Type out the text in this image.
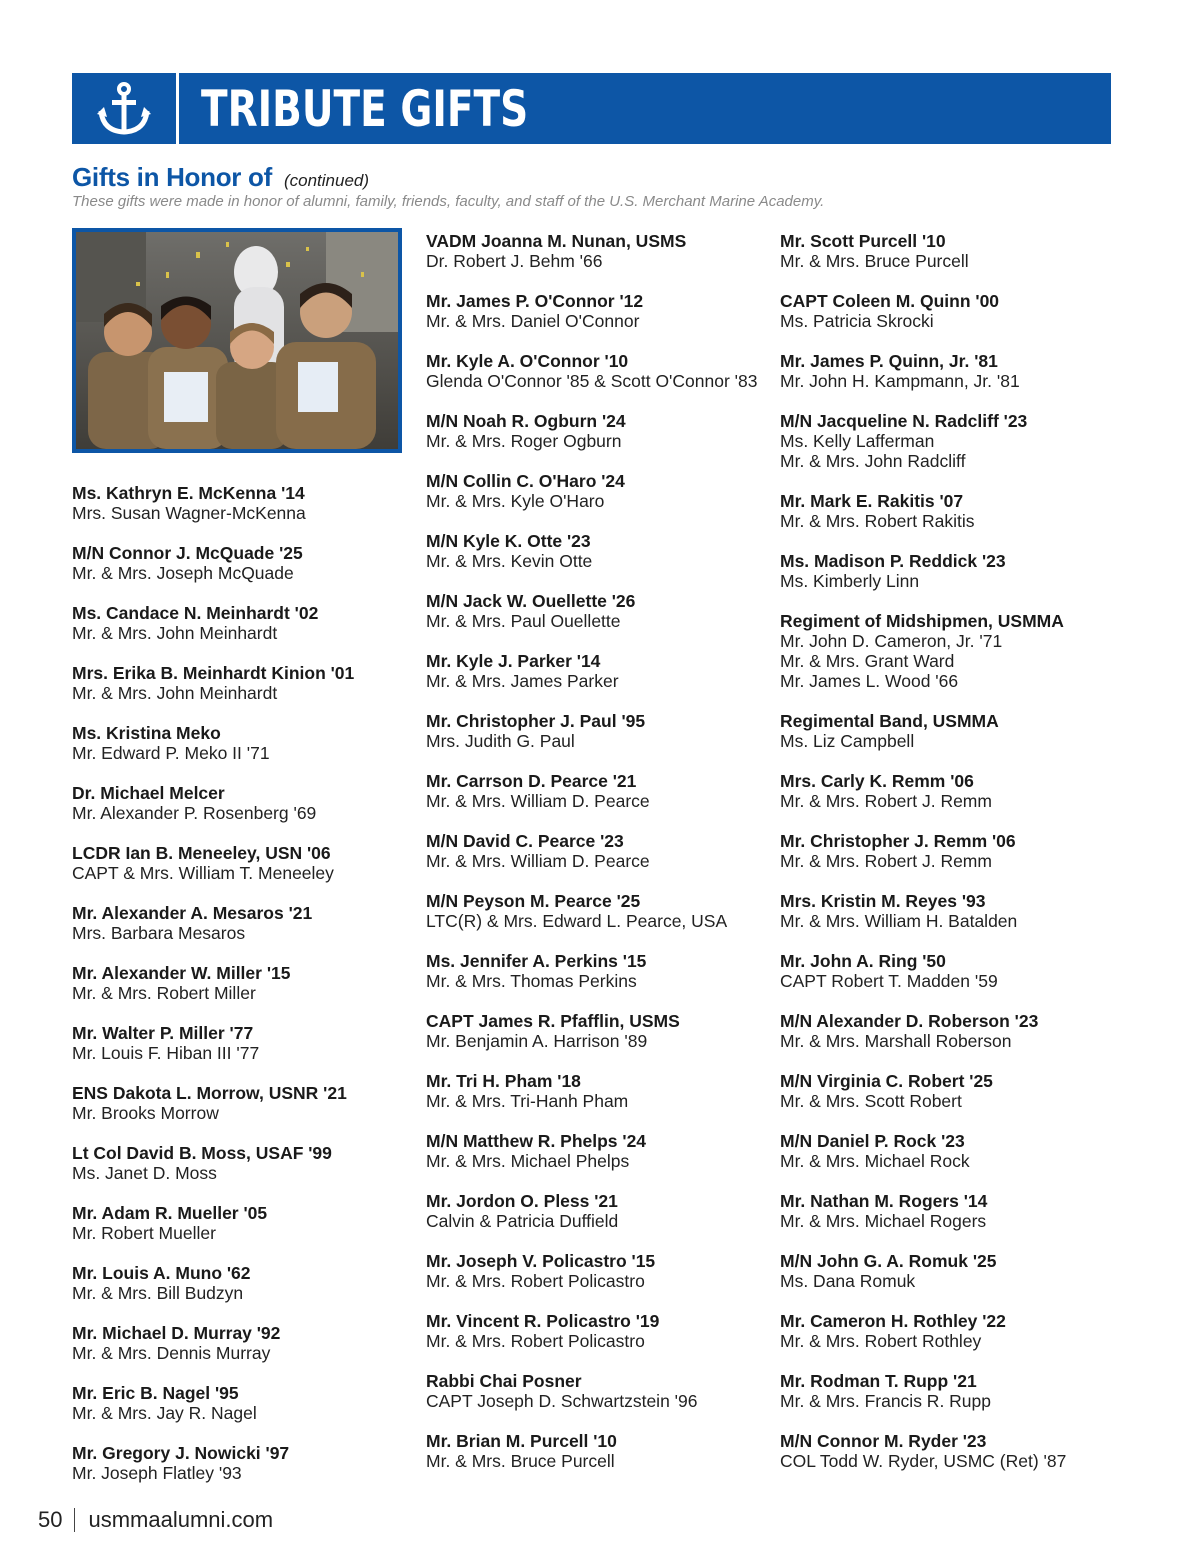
TRIBUTE GIFTS
Gifts in Honor of (continued)
These gifts were made in honor of alumni, family, friends, faculty, and staff of the U.S. Merchant Marine Academy.
Ms. Kathryn E. McKenna '14
Mrs. Susan Wagner-McKenna
M/N Connor J. McQuade '25
Mr. & Mrs. Joseph McQuade
Ms. Candace N. Meinhardt '02
Mr. & Mrs. John Meinhardt
Mrs. Erika B. Meinhardt Kinion '01
Mr. & Mrs. John Meinhardt
Ms. Kristina Meko
Mr. Edward P. Meko II '71
Dr. Michael Melcer
Mr. Alexander P. Rosenberg '69
LCDR Ian B. Meneeley, USN '06
CAPT & Mrs. William T. Meneeley
Mr. Alexander A. Mesaros '21
Mrs. Barbara Mesaros
Mr. Alexander W. Miller '15
Mr. & Mrs. Robert Miller
Mr. Walter P. Miller '77
Mr. Louis F. Hiban III '77
ENS Dakota L. Morrow, USNR '21
Mr. Brooks Morrow
Lt Col David B. Moss, USAF '99
Ms. Janet D. Moss
Mr. Adam R. Mueller '05
Mr. Robert Mueller
Mr. Louis A. Muno '62
Mr. & Mrs. Bill Budzyn
Mr. Michael D. Murray '92
Mr. & Mrs. Dennis Murray
Mr. Eric B. Nagel '95
Mr. & Mrs. Jay R. Nagel
Mr. Gregory J. Nowicki '97
Mr. Joseph Flatley '93
VADM Joanna M. Nunan, USMS
Dr. Robert J. Behm '66
Mr. James P. O'Connor '12
Mr. & Mrs. Daniel O'Connor
Mr. Kyle A. O'Connor '10
Glenda O'Connor '85 & Scott O'Connor '83
M/N Noah R. Ogburn '24
Mr. & Mrs. Roger Ogburn
M/N Collin C. O'Haro '24
Mr. & Mrs. Kyle O'Haro
M/N Kyle K. Otte '23
Mr. & Mrs. Kevin Otte
M/N Jack W. Ouellette '26
Mr. & Mrs. Paul Ouellette
Mr. Kyle J. Parker '14
Mr. & Mrs. James Parker
Mr. Christopher J. Paul '95
Mrs. Judith G. Paul
Mr. Carrson D. Pearce '21
Mr. & Mrs. William D. Pearce
M/N David C. Pearce '23
Mr. & Mrs. William D. Pearce
M/N Peyson M. Pearce '25
LTC(R) & Mrs. Edward L. Pearce, USA
Ms. Jennifer A. Perkins '15
Mr. & Mrs. Thomas Perkins
CAPT James R. Pfafflin, USMS
Mr. Benjamin A. Harrison '89
Mr. Tri H. Pham '18
Mr. & Mrs. Tri-Hanh Pham
M/N Matthew R. Phelps '24
Mr. & Mrs. Michael Phelps
Mr. Jordon O. Pless '21
Calvin & Patricia Duffield
Mr. Joseph V. Policastro '15
Mr. & Mrs. Robert Policastro
Mr. Vincent R. Policastro '19
Mr. & Mrs. Robert Policastro
Rabbi Chai Posner
CAPT Joseph D. Schwartzstein '96
Mr. Brian M. Purcell '10
Mr. & Mrs. Bruce Purcell
Mr. Scott Purcell '10
Mr. & Mrs. Bruce Purcell
CAPT Coleen M. Quinn '00
Ms. Patricia Skrocki
Mr. James P. Quinn, Jr. '81
Mr. John H. Kampmann, Jr. '81
M/N Jacqueline N. Radcliff '23
Ms. Kelly Lafferman
Mr. & Mrs. John Radcliff
Mr. Mark E. Rakitis '07
Mr. & Mrs. Robert Rakitis
Ms. Madison P. Reddick '23
Ms. Kimberly Linn
Regiment of Midshipmen, USMMA
Mr. John D. Cameron, Jr. '71
Mr. & Mrs. Grant Ward
Mr. James L. Wood '66
Regimental Band, USMMA
Ms. Liz Campbell
Mrs. Carly K. Remm '06
Mr. & Mrs. Robert J. Remm
Mr. Christopher J. Remm '06
Mr. & Mrs. Robert J. Remm
Mrs. Kristin M. Reyes '93
Mr. & Mrs. William H. Batalden
Mr. John A. Ring '50
CAPT Robert T. Madden '59
M/N Alexander D. Roberson '23
Mr. & Mrs. Marshall Roberson
M/N Virginia C. Robert '25
Mr. & Mrs. Scott Robert
M/N Daniel P. Rock '23
Mr. & Mrs. Michael Rock
Mr. Nathan M. Rogers '14
Mr. & Mrs. Michael Rogers
M/N John G. A. Romuk '25
Ms. Dana Romuk
Mr. Cameron H. Rothley '22
Mr. & Mrs. Robert Rothley
Mr. Rodman T. Rupp '21
Mr. & Mrs. Francis R. Rupp
M/N Connor M. Ryder '23
COL Todd W. Ryder, USMC (Ret) '87
50 usmmaalumni.com
